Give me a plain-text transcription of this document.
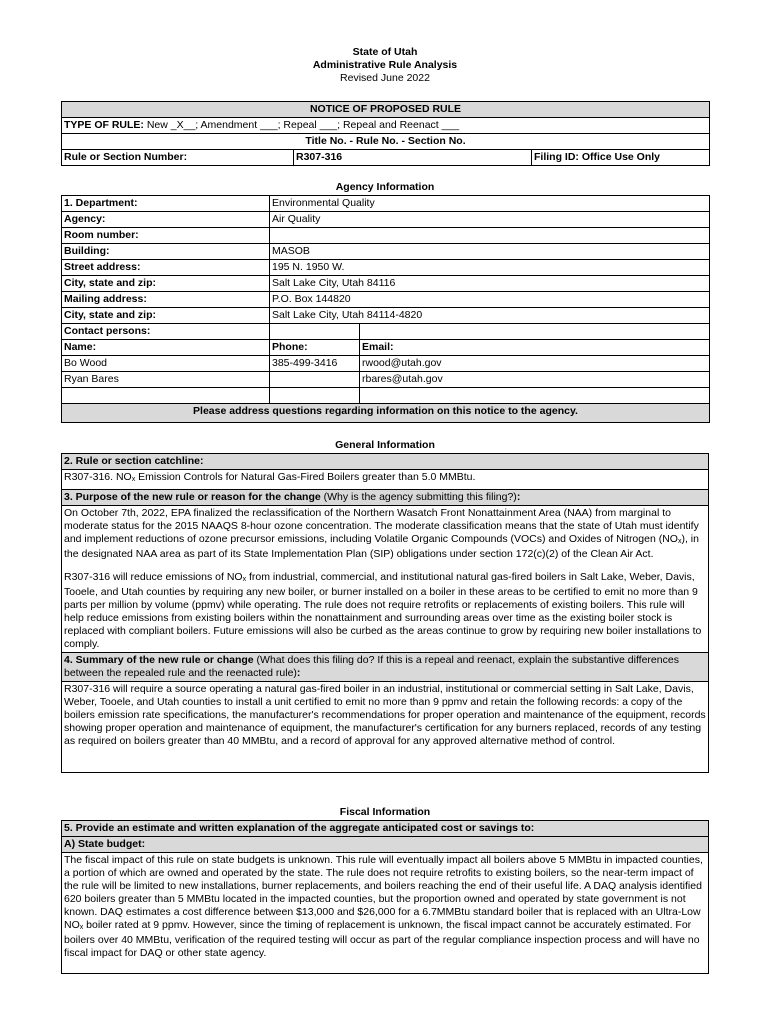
State of Utah
Administrative Rule Analysis
Revised June 2022
NOTICE OF PROPOSED RULE
TYPE OF RULE: New _X__; Amendment ___; Repeal ___; Repeal and Reenact ___
Title No. - Rule No. - Section No.
Rule or Section Number:	R307-316	Filing ID: Office Use Only
Agency Information
1. Department:	Environmental Quality	
Agency:	Air Quality	
Room number:		
Building:	MASOB	
Street address:	195 N. 1950 W.	
City, state and zip:	Salt Lake City, Utah 84116	
Mailing address:	P.O. Box 144820	
City, state and zip:	Salt Lake City, Utah 84114-4820	
Contact persons:		
Name:	Phone:	Email:
Bo Wood	385-499-3416	rwood@utah.gov
Ryan Bares		rbares@utah.gov

Please address questions regarding information on this notice to the agency.		
General Information
2. Rule or section catchline:
R307-316. NOx Emission Controls for Natural Gas-Fired Boilers greater than 5.0 MMBtu.
3. Purpose of the new rule or reason for the change (Why is the agency submitting this filing?):

On October 7th, 2022, EPA finalized the reclassification of the Northern Wasatch Front Nonattainment Area (NAA) from marginal to moderate status for the 2015 NAAQS 8-hour ozone concentration. The moderate classification means that the state of Utah must identify and implement reductions of ozone precursor emissions, including Volatile Organic Compounds (VOCs) and Oxides of Nitrogen (NOx), in the designated NAA area as part of its State Implementation Plan (SIP) obligations under section 172(c)(2) of the Clean Air Act.
R307-316 will reduce emissions of NOx from industrial, commercial, and institutional natural gas-fired boilers in Salt Lake, Weber, Davis, Tooele, and Utah counties by requiring any new boiler, or burner installed on a boiler in these areas to be certified to emit no more than 9 parts per million by volume (ppmv) while operating. The rule does not require retrofits or replacements of existing boilers. This rule will help reduce emissions from existing boilers within the nonattainment and surrounding areas over time as the existing boiler stock is replaced with compliant boilers. Future emissions will also be curbed as the areas continue to grow by requiring new boiler installations to comply.

4. Summary of the new rule or change (What does this filing do? If this is a repeal and reenact, explain the substantive differences between the repealed rule and the reenacted rule):
R307-316 will require a source operating a natural gas-fired boiler in an industrial, institutional or commercial setting in Salt Lake, Davis, Weber, Tooele, and Utah counties to install a unit certified to emit no more than 9 ppmv and retain the following records: a copy of the boilers emission rate specifications, the manufacturer's recommendations for proper operation and maintenance of the equipment, records showing proper operation and maintenance of equipment, the manufacturer's certification for any burners replaced, records of any testing as required on boilers greater than 40 MMBtu, and a record of approval for any approved alternative method of control.
Fiscal Information
5. Provide an estimate and written explanation of the aggregate anticipated cost or savings to:
A) State budget:
The fiscal impact of this rule on state budgets is unknown. This rule will eventually impact all boilers above 5 MMBtu in impacted counties, a portion of which are owned and operated by the state. The rule does not require retrofits to existing boilers, so the near-term impact of the rule will be limited to new installations, burner replacements, and boilers reaching the end of their useful life. A DAQ analysis identified 620 boilers greater than 5 MMBtu located in the impacted counties, but the proportion owned and operated by state government is not known. DAQ estimates a cost difference between $13,000 and $26,000 for a 6.7MMBtu standard boiler that is replaced with an Ultra-Low NOx boiler rated at 9 ppmv. However, since the timing of replacement is unknown, the fiscal impact cannot be accurately estimated. For boilers over 40 MMBtu, verification of the required testing will occur as part of the regular compliance inspection process and will have no fiscal impact for DAQ or other state agency.
